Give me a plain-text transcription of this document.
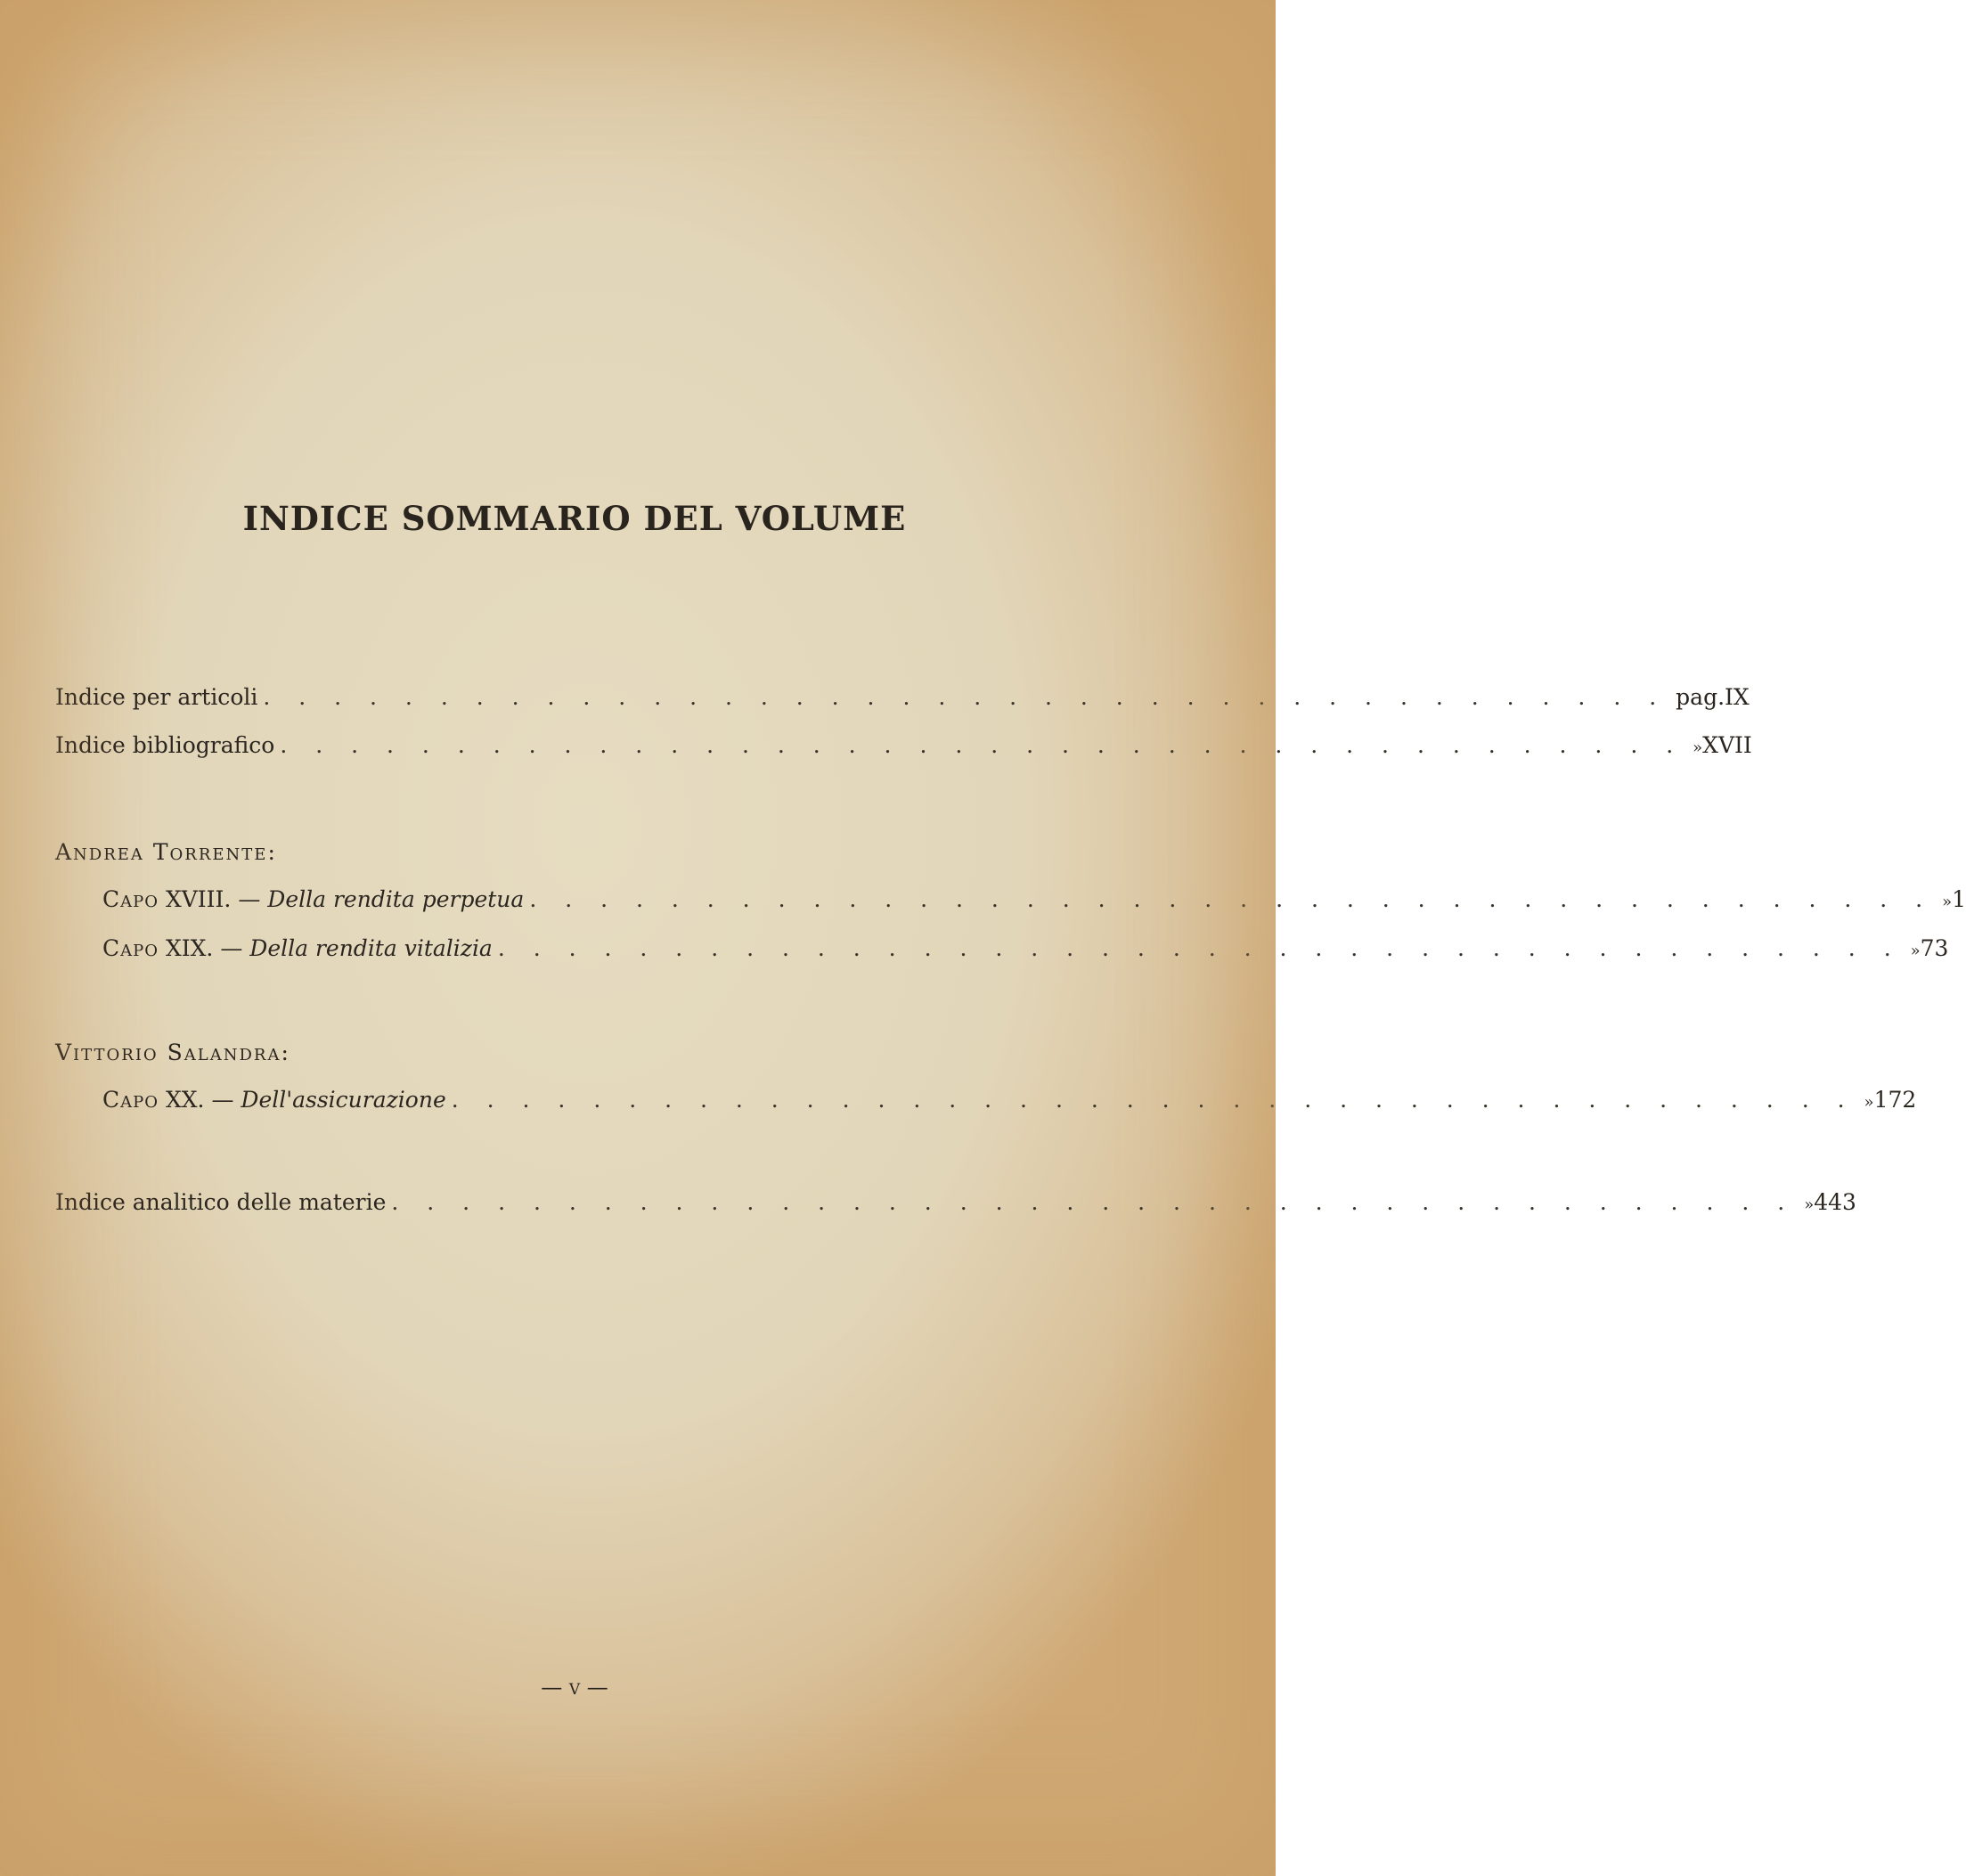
INDICE SOMMARIO DEL VOLUME
Indice per articoli . . . . . . . . . . . . . . . . . . . . . . . . . . . . . . . . . . . . . . . . pag. IX
Indice bibliografico . . . . . . . . . . . . . . . . . . . . . . . . . . . . . . . . . . . . . . . . » XVII
Andrea Torrente:
Capo XVIII. — Della rendita perpetua . . . . . . . . . . . . . . . . . . . . . . . . . . . . . . . . . . . . . . . . » 1
Capo XIX. — Della rendita vitalizia . . . . . . . . . . . . . . . . . . . . . . . . . . . . . . . . . . . . . . . . » 73
Vittorio Salandra:
Capo XX. — Dell'assicurazione . . . . . . . . . . . . . . . . . . . . . . . . . . . . . . . . . . . . . . . . » 172
Indice analitico delle materie . . . . . . . . . . . . . . . . . . . . . . . . . . . . . . . . . . . . . . . . » 443
— v —
